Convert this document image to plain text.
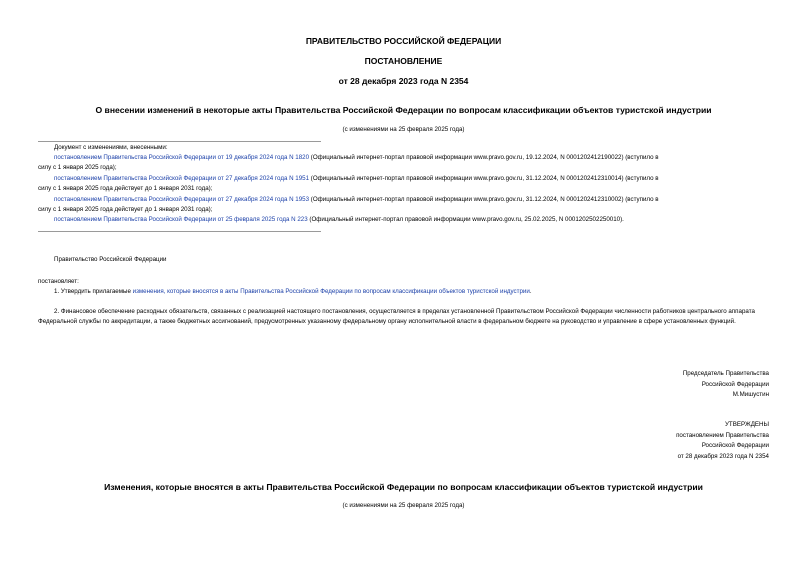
ПРАВИТЕЛЬСТВО РОССИЙСКОЙ ФЕДЕРАЦИИ
ПОСТАНОВЛЕНИЕ
от 28 декабря 2023 года N 2354
О внесении изменений в некоторые акты Правительства Российской Федерации по вопросам классификации объектов туристской индустрии
(с изменениями на 25 февраля 2025 года)
Документ с изменениями, внесенными:
постановлением Правительства Российской Федерации от 19 декабря 2024 года N 1820 (Официальный интернет-портал правовой информации www.pravo.gov.ru, 19.12.2024, N 0001202412190022) (вступило в
силу с 1 января 2025 года);
постановлением Правительства Российской Федерации от 27 декабря 2024 года N 1951 (Официальный интернет-портал правовой информации www.pravo.gov.ru, 31.12.2024, N 0001202412310014) (вступило в
силу с 1 января 2025 года действует до 1 января 2031 года);
постановлением Правительства Российской Федерации от 27 декабря 2024 года N 1953 (Официальный интернет-портал правовой информации www.pravo.gov.ru, 31.12.2024, N 0001202412310002) (вступило в
силу с 1 января 2025 года действует до 1 января 2031 года);
постановлением Правительства Российской Федерации от 25 февраля 2025 года N 223 (Официальный интернет-портал правовой информации www.pravo.gov.ru, 25.02.2025, N 0001202502250010).
Правительство Российской Федерации
постановляет:
1. Утвердить прилагаемые изменения, которые вносятся в акты Правительства Российской Федерации по вопросам классификации объектов туристской индустрии.
2. Финансовое обеспечение расходных обязательств, связанных с реализацией настоящего постановления, осуществляется в пределах установленной Правительством Российской Федерации численности работников центрального аппарата Федеральной службы по аккредитации, а также бюджетных ассигнований, предусмотренных указанному федеральному органу исполнительной власти в федеральном бюджете на руководство и управление в сфере установленных функций.
Председатель Правительства
Российской Федерации
М.Мишустин
УТВЕРЖДЕНЫ
постановлением Правительства
Российской Федерации
от 28 декабря 2023 года N 2354
Изменения, которые вносятся в акты Правительства Российской Федерации по вопросам классификации объектов туристской индустрии
(с изменениями на 25 февраля 2025 года)
